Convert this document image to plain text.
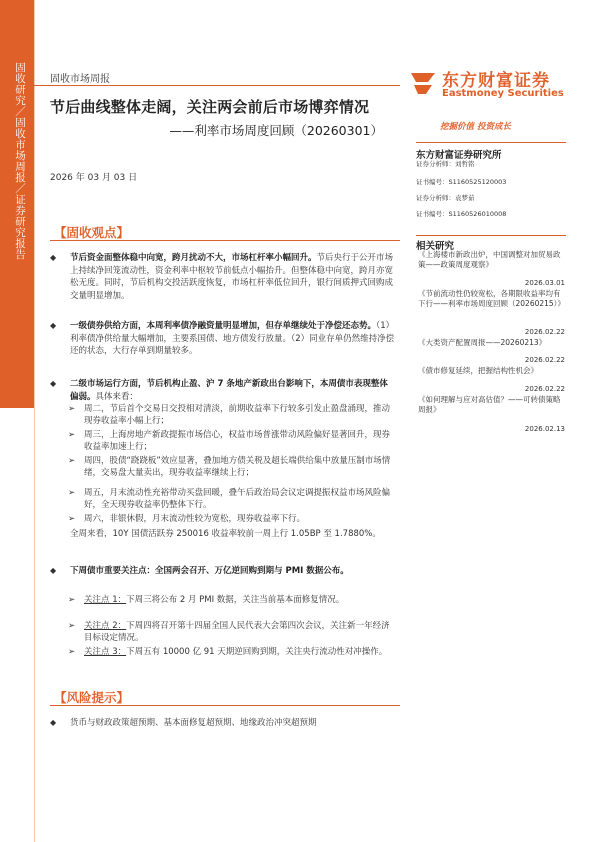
固收研究／固收市场周报／证券研究报告 固收市场周报
节后曲线整体走阔，关注两会前后市场博弈情况
——利率市场周度回顾（20260301）
2026 年 03 月 03 日
东方财富证券
Eastmoney Securities
挖掘价值 投资成长
东方财富证券研究所
证券分析师：刘哲铭
证书编号：S1160525120003
证券分析师：袁梦茹
证书编号：S1160526010008
相关研究
《上海楼市新政出炉，中国调整对加贸易政策——政策周度观察》
2026.03.01
《节前流动性仍较宽松，各期限收益率均有下行——利率市场周度回顾（20260215）》
2026.02.22
《大类资产配置周报——20260213》
2026.02.22
《债市修复延续，把握结构性机会》
2026.02.22
《如何理解与应对高估值？——可转债策略周报》
2026.02.13
【固收观点】
◆ 节后资金面整体稳中向宽，跨月扰动不大，市场杠杆率小幅回升。节后央行于公开市场上持续净回笼流动性，资金利率中枢较节前低点小幅抬升。但整体稳中向宽，跨月亦宽松无度。同时，节后机构交投活跃度恢复，市场杠杆率低位回升，银行间质押式回购成交量明显增加。
◆ 一级债券供给方面，本周利率债净融资量明显增加，但存单继续处于净偿还态势。（1）利率债净供给量大幅增加，主要系国债、地方债发行放量。（2）同业存单仍然维持净偿还的状态，大行存单到期量较多。
◆ 二级市场运行方面，节后机构止盈、沪 7 条地产新政出台影响下，本周债市表现整体偏弱。具体来看：
➢ 周二，节后首个交易日交投相对清淡，前期收益率下行较多引发止盈盘涌现，推动现券收益率小幅上行；
➢ 周三，上海房地产新政提振市场信心，权益市场普涨带动风险偏好显著回升，现券收益率加速上行；
➢ 周四，股债“跷跷板”效应显著，叠加地方债关税及超长端供给集中放量压制市场情绪，交易盘大量卖出，现券收益率继续上行；
➢ 周五，月末流动性充裕带动买盘回暖，叠午后政治局会议定调提振权益市场风险偏好，全天现券收益率仍整体下行。
➢ 周六，非银休假，月末流动性较为宽松，现券收益率下行。
全周来看，10Y 国债活跃券 250016 收益率较前一周上行 1.05BP 至 1.7880%。
◆ 下周债市重要关注点：全国两会召开、万亿逆回购到期与 PMI 数据公布。
➢ 关注点 1：下周三将公布 2 月 PMI 数据，关注当前基本面修复情况。
➢ 关注点 2：下周四将召开第十四届全国人民代表大会第四次会议，关注新一年经济目标设定情况。
➢ 关注点 3：下周五有 10000 亿 91 天期逆回购到期，关注央行流动性对冲操作。
【风险提示】
◆ 货币与财政政策超预期、基本面修复超预期、地缘政治冲突超预期
